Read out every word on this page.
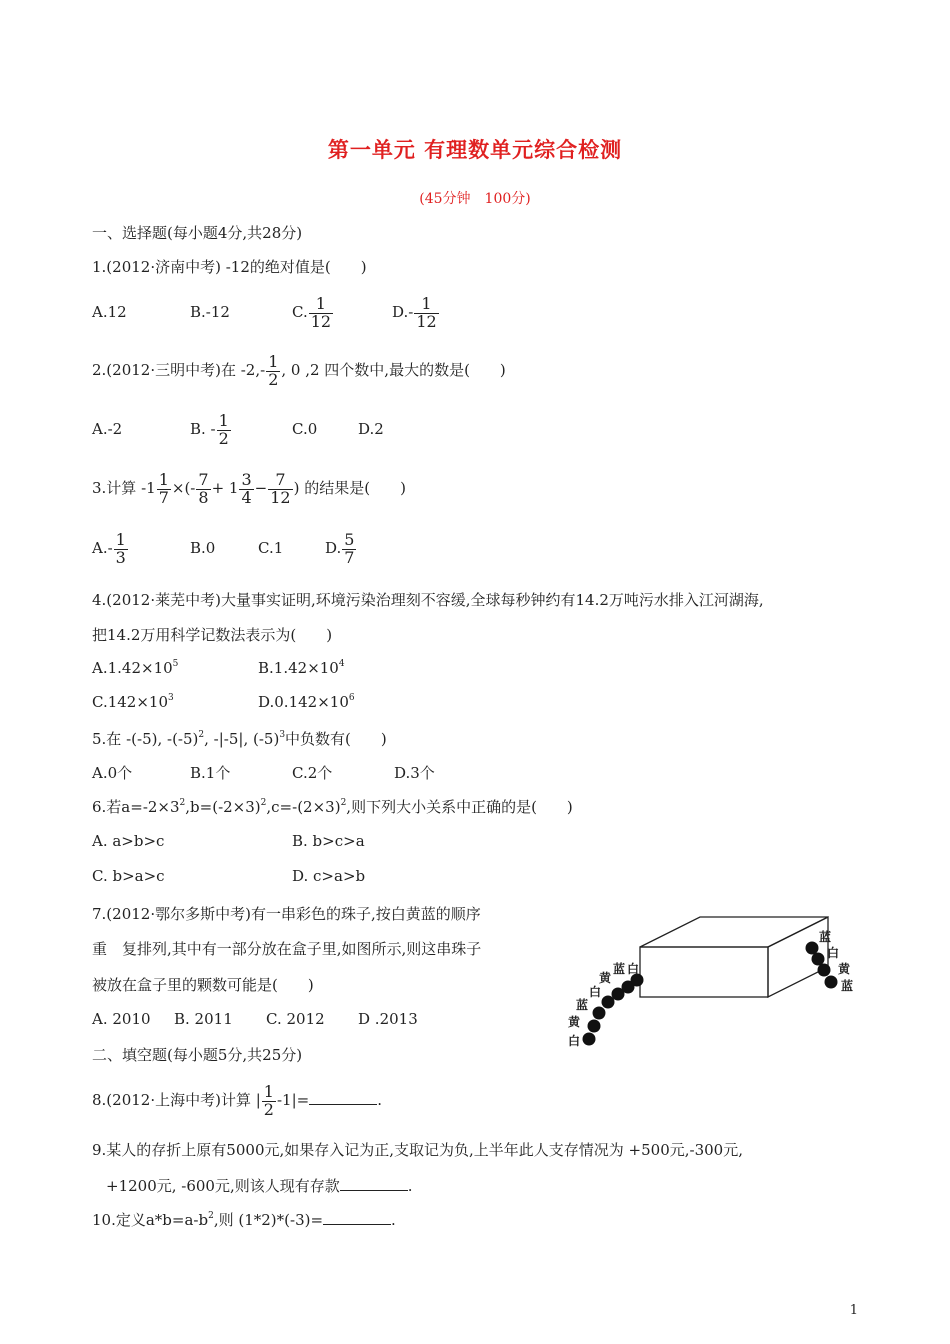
第一单元 有理数单元综合检测
(45分钟　100分)
一、选择题(每小题4分,共28分)
1.(2012·济南中考) -12的绝对值是(　　)
A.12	B.-12	C. $\frac{1}{12}$	$D.- \frac{1}{12}$
2.(2012·三明中考)在 $-2,- \frac{1}{2}$ , 0 ,2 四个数中,最大的数是(　　)
A.-2	B. - $\frac{1}{2}$	C.0	D.2
3.计算 $-1 \frac{1}{7}$ ×(- $\frac{7}{8} + 1 \frac{3}{4} - \frac{7}{12}$ ) 的结果是(　　)
$A.- \frac{1}{3}$	B.0	C.1	D. $\frac{5}{7}$
4.(2012·莱芜中考)大量事实证明,环境污染治理刻不容缓,全球每秒钟约有14.2万吨污水排入江河湖海,
把14.2万用科学记数法表示为(　　)
$A.1.42\times 10^5$	$B.1.42\times 10^4$
$C.142\times 10^3$	$D.0.142\times 10^6$
5.在 -(-5), $-(-5)^2$, -|-5|, $(-5)^3$中负数有(　　)
A.0个	B.1个	C.2个	D.3个
6.若$a=-2\times 3^2,b=(-2\times 3)^2,c=-(2\times 3)^2$,则下列大小关系中正确的是(　　)
A. a>b>c	B. b>c>a
C. b>a>c	D. c>a>b
7.(2012·鄂尔多斯中考)有一串彩色的珠子,按白黄蓝的顺序
重　复排列,其中有一部分放在盒子里,如图所示,则这串珠子
被放在盒子里的颗数可能是(　　)
A. 2010 B. 2011 C. 2012 D .2013
白
黄
蓝
白
黄
蓝 白
蓝
白
黄
蓝
二、填空题(每小题5分,共25分)
8.(2012·上海中考)计算 | $\frac{1}{2} -1|=$	.
9.某人的存折上原有5000元,如果存入记为正,支取记为负,上半年此人支存情况为 +500元,-300元,
+1200元, -600元,则该人现有存款	.
10.定义$a*b=a-b^2$,则 (1*2)*(-3)=	.
1
